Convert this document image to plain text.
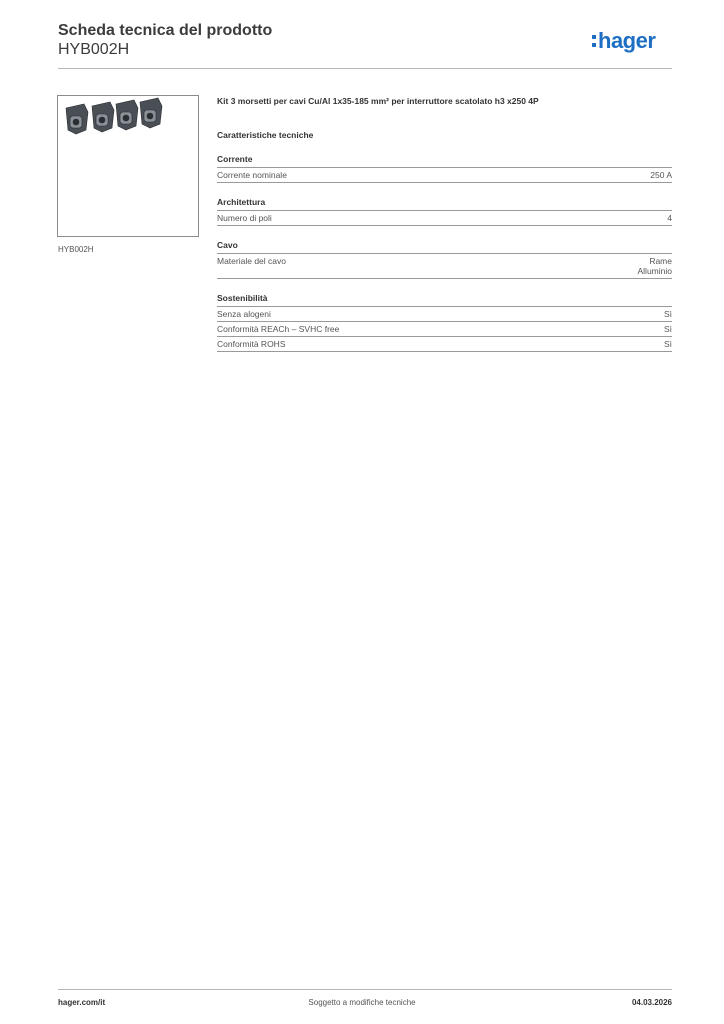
Scheda tecnica del prodotto
HYB002H	hager
HYB002H

Kit 3 morsetti per cavi Cu/Al 1x35-185 mm² per interruttore scatolato h3 x250 4P

Caratteristiche tecniche
Corrente
Corrente nominale	250 A
Architettura
Numero di poli	4
Cavo
Materiale del cavo	Rame
Alluminio
Sostenibilità
Senza alogeni	Sì
Conformità REACh – SVHC free	Sì
Conformità ROHS	Sì
hager.com/it	Soggetto a modifiche tecniche	04.03.2026
